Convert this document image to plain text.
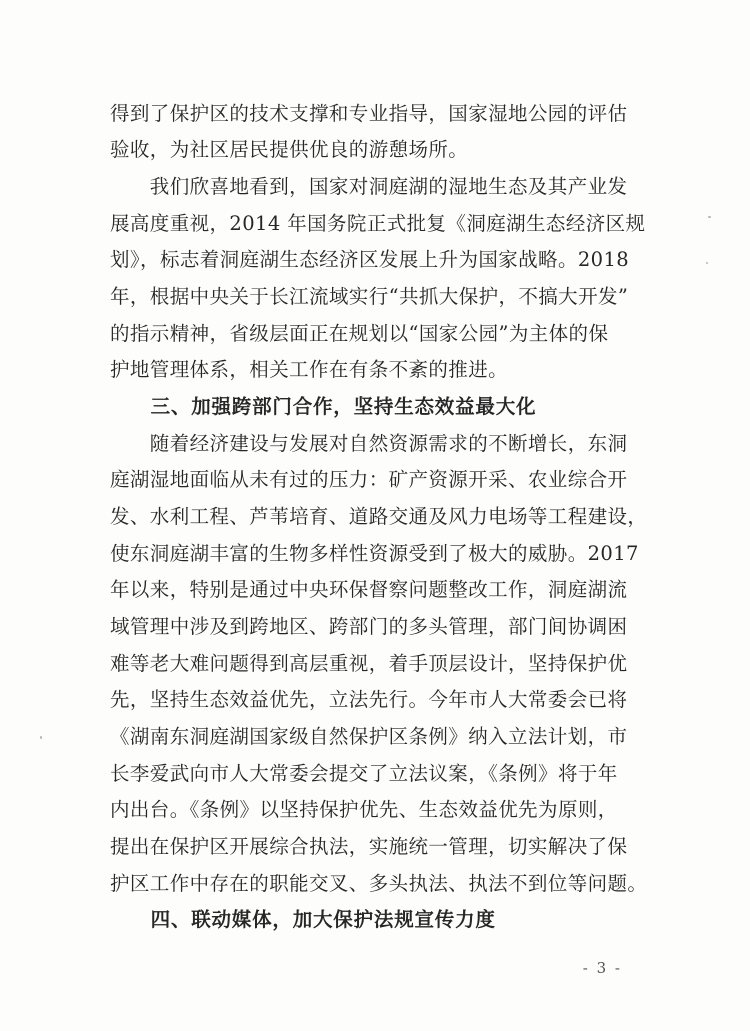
得到了保护区的技术支撑和专业指导，国家湿地公园的评估
验收，为社区居民提供优良的游憩场所。
　　我们欣喜地看到，国家对洞庭湖的湿地生态及其产业发
展高度重视，2014 年国务院正式批复《洞庭湖生态经济区规
划》，标志着洞庭湖生态经济区发展上升为国家战略。2018
年，根据中央关于长江流域实行“共抓大保护，不搞大开发”
的指示精神，省级层面正在规划以“国家公园”为主体的保
护地管理体系，相关工作在有条不紊的推进。
　　三、加强跨部门合作，坚持生态效益最大化
　　随着经济建设与发展对自然资源需求的不断增长，东洞
庭湖湿地面临从未有过的压力：矿产资源开采、农业综合开
发、水利工程、芦苇培育、道路交通及风力电场等工程建设，
使东洞庭湖丰富的生物多样性资源受到了极大的威胁。2017
年以来，特别是通过中央环保督察问题整改工作，洞庭湖流
域管理中涉及到跨地区、跨部门的多头管理，部门间协调困
难等老大难问题得到高层重视，着手顶层设计，坚持保护优
先，坚持生态效益优先，立法先行。今年市人大常委会已将
《湖南东洞庭湖国家级自然保护区条例》纳入立法计划，市
长李爱武向市人大常委会提交了立法议案，《条例》将于年
内出台。《条例》以坚持保护优先、生态效益优先为原则，
提出在保护区开展综合执法，实施统一管理，切实解决了保
护区工作中存在的职能交叉、多头执法、执法不到位等问题。
　　四、联动媒体，加大保护法规宣传力度
- 3 -
